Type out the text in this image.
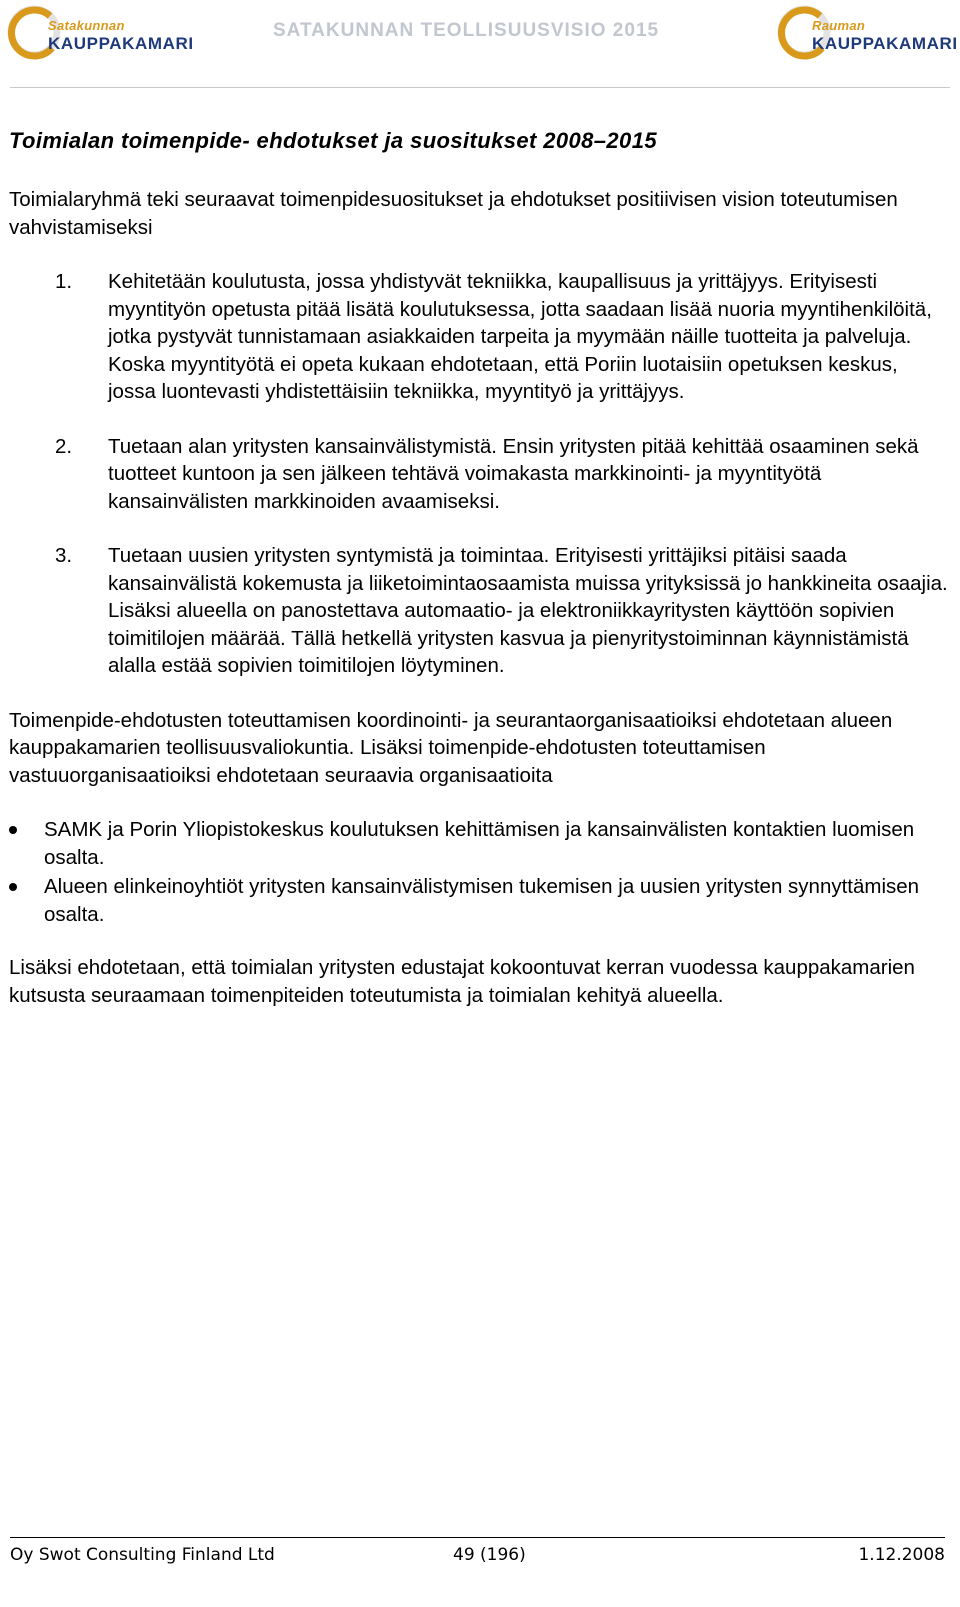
Satakunnan
KAUPPAKAMARI
SATAKUNNAN TEOLLISUUSVISIO 2015	Rauman
KAUPPAKAMARI
Toimialan toimenpide- ehdotukset ja suositukset 2008–2015

Toimialaryhmä teki seuraavat toimenpidesuositukset ja ehdotukset positiivisen vision toteutumisen vahvistamiseksi

1. Kehitetään koulutusta, jossa yhdistyvät tekniikka, kaupallisuus ja yrittäjyys. Erityisesti myyntityön opetusta pitää lisätä koulutuksessa, jotta saadaan lisää nuoria myyntihenkilöitä, jotka pystyvät tunnistamaan asiakkaiden tarpeita ja myymään näille tuotteita ja palveluja. Koska myyntityötä ei opeta kukaan ehdotetaan, että Poriin luotaisiin opetuksen keskus, jossa luontevasti yhdistettäisiin tekniikka, myyntityö ja yrittäjyys.
2. Tuetaan alan yritysten kansainvälistymistä. Ensin yritysten pitää kehittää osaaminen sekä tuotteet kuntoon ja sen jälkeen tehtävä voimakasta markkinointi- ja myyntityötä kansainvälisten markkinoiden avaamiseksi.
3. Tuetaan uusien yritysten syntymistä ja toimintaa. Erityisesti yrittäjiksi pitäisi saada kansainvälistä kokemusta ja liiketoimintaosaamista muissa yrityksissä jo hankkineita osaajia. Lisäksi alueella on panostettava automaatio- ja elektroniikkayritysten käyttöön sopivien toimitilojen määrää. Tällä hetkellä yritysten kasvua ja pienyritystoiminnan käynnistämistä alalla estää sopivien toimitilojen löytyminen.

Toimenpide-ehdotusten toteuttamisen koordinointi- ja seurantaorganisaatioiksi ehdotetaan alueen kauppakamarien teollisuusvaliokuntia. Lisäksi toimenpide-ehdotusten toteuttamisen vastuuorganisaatioiksi ehdotetaan seuraavia organisaatioita

SAMK ja Porin Yliopistokeskus koulutuksen kehittämisen ja kansainvälisten kontaktien luomisen osalta.
Alueen elinkeinoyhtiöt yritysten kansainvälistymisen tukemisen ja uusien yritysten synnyttämisen osalta.

Lisäksi ehdotetaan, että toimialan yritysten edustajat kokoontuvat kerran vuodessa kauppakamarien kutsusta seuraamaan toimenpiteiden toteutumista ja toimialan kehityä alueella.

Oy Swot Consulting Finland Ltd	49 (196)	1.12.2008
